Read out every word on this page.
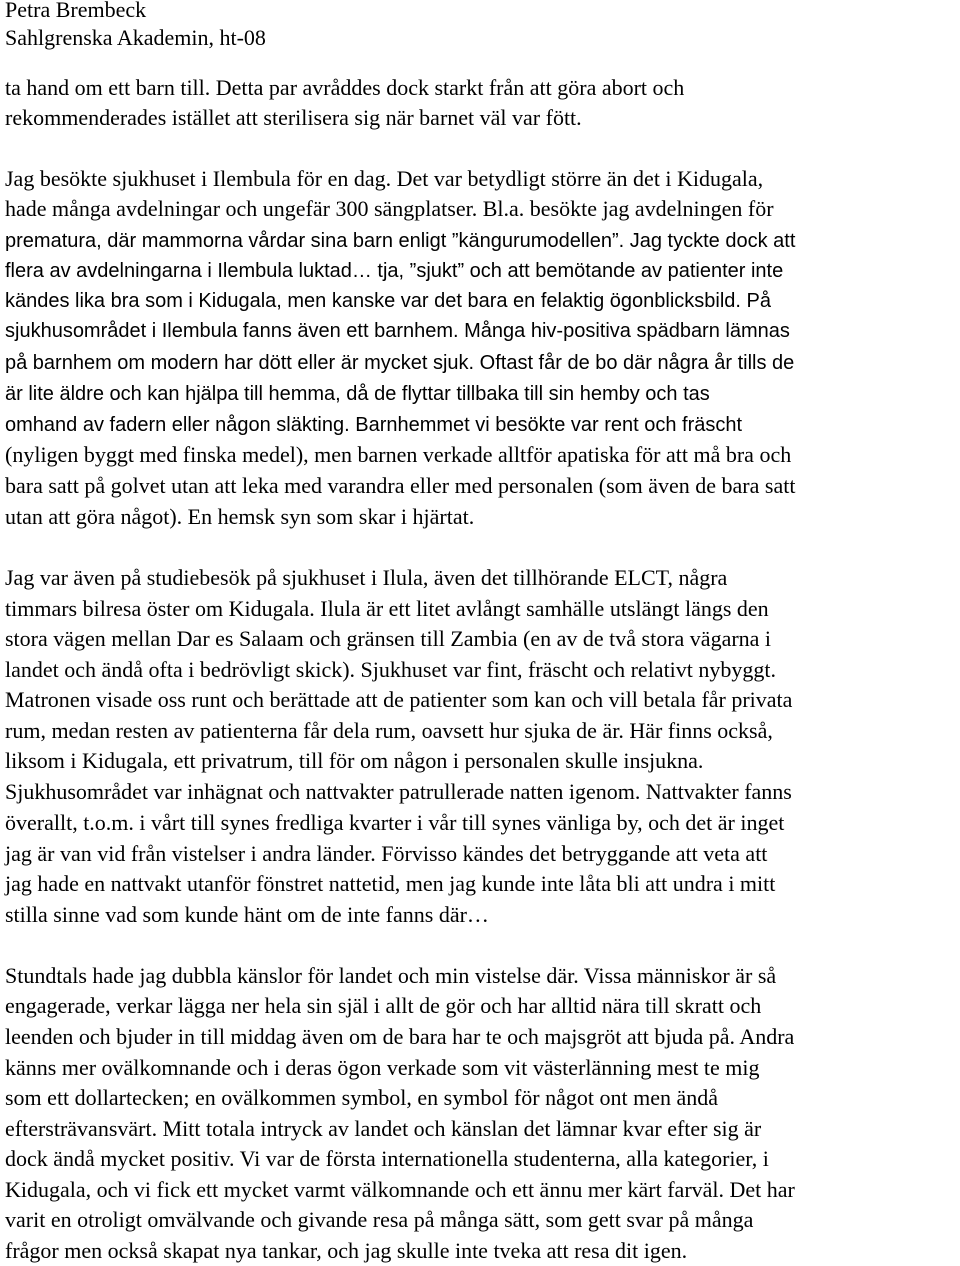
Petra Brembeck
Sahlgrenska Akademin, ht-08
ta hand om ett barn till. Detta par avråddes dock starkt från att göra abort och
rekommenderades istället att sterilisera sig när barnet väl var fött.
Jag besökte sjukhuset i Ilembula för en dag. Det var betydligt större än det i Kidugala,
hade många avdelningar och ungefär 300 sängplatser. Bl.a. besökte jag avdelningen för
prematura, där mammorna vårdar sina barn enligt ”kängurumodellen”. Jag tyckte dock att
flera av avdelningarna i Ilembula luktad… tja, ”sjukt” och att bemötande av patienter inte
kändes lika bra som i Kidugala, men kanske var det bara en felaktig ögonblicksbild. På
sjukhusområdet i Ilembula fanns även ett barnhem. Många hiv-positiva spädbarn lämnas
på barnhem om modern har dött eller är mycket sjuk. Oftast får de bo där några år tills de
är lite äldre och kan hjälpa till hemma, då de flyttar tillbaka till sin hemby och tas
omhand av fadern eller någon släkting. Barnhemmet vi besökte var rent och fräscht
(nyligen byggt med finska medel), men barnen verkade alltför apatiska för att må bra och
bara satt på golvet utan att leka med varandra eller med personalen (som även de bara satt
utan att göra något). En hemsk syn som skar i hjärtat.
Jag var även på studiebesök på sjukhuset i Ilula, även det tillhörande ELCT, några
timmars bilresa öster om Kidugala. Ilula är ett litet avlångt samhälle utslängt längs den
stora vägen mellan Dar es Salaam och gränsen till Zambia (en av de två stora vägarna i
landet och ändå ofta i bedrövligt skick). Sjukhuset var fint, fräscht och relativt nybyggt.
Matronen visade oss runt och berättade att de patienter som kan och vill betala får privata
rum, medan resten av patienterna får dela rum, oavsett hur sjuka de är. Här finns också,
liksom i Kidugala, ett privatrum, till för om någon i personalen skulle insjukna.
Sjukhusområdet var inhägnat och nattvakter patrullerade natten igenom. Nattvakter fanns
överallt, t.o.m. i vårt till synes fredliga kvarter i vår till synes vänliga by, och det är inget
jag är van vid från vistelser i andra länder. Förvisso kändes det betryggande att veta att
jag hade en nattvakt utanför fönstret nattetid, men jag kunde inte låta bli att undra i mitt
stilla sinne vad som kunde hänt om de inte fanns där…
Stundtals hade jag dubbla känslor för landet och min vistelse där. Vissa människor är så
engagerade, verkar lägga ner hela sin själ i allt de gör och har alltid nära till skratt och
leenden och bjuder in till middag även om de bara har te och majsgröt att bjuda på. Andra
känns mer ovälkomnande och i deras ögon verkade som vit västerlänning mest te mig
som ett dollartecken; en ovälkommen symbol, en symbol för något ont men ändå
eftersträvansvärt. Mitt totala intryck av landet och känslan det lämnar kvar efter sig är
dock ändå mycket positiv. Vi var de första internationella studenterna, alla kategorier, i
Kidugala, och vi fick ett mycket varmt välkomnande och ett ännu mer kärt farväl. Det har
varit en otroligt omvälvande och givande resa på många sätt, som gett svar på många
frågor men också skapat nya tankar, och jag skulle inte tveka att resa dit igen.
